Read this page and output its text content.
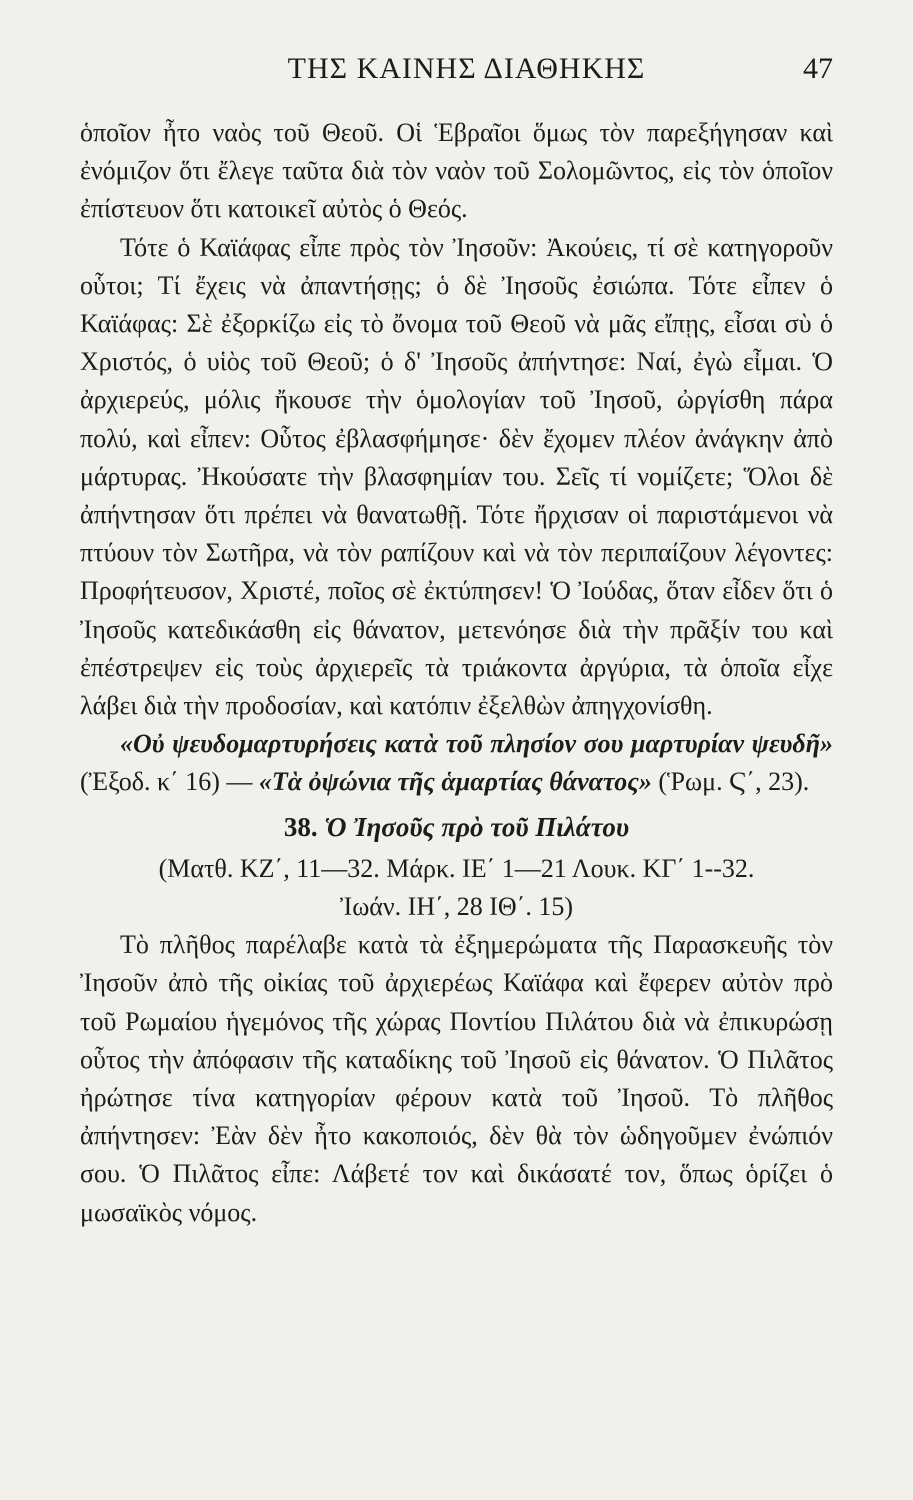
ΤΗΣ ΚΑΙΝΗΣ ΔΙΑΘΗΚΗΣ	47

ὁποῖον ἦτο ναὸς τοῦ Θεοῦ. Οἱ Ἑβραῖοι ὅμως τὸν παρεξήγησαν καὶ ἐνόμιζον ὅτι ἔλεγε ταῦτα διὰ τὸν ναὸν τοῦ Σολομῶντος, εἰς τὸν ὁποῖον ἐπίστευον ὅτι κατοικεῖ αὐτὸς ὁ Θεός.

Τότε ὁ Καϊάφας εἶπε πρὸς τὸν Ἰησοῦν: Ἀκούεις, τί σὲ κατηγοροῦν οὗτοι; Τί ἔχεις νὰ ἀπαντήσῃς; ὁ δὲ Ἰησοῦς ἐσιώπα. Τότε εἶπεν ὁ Καϊάφας: Σὲ ἐξορκίζω εἰς τὸ ὄνομα τοῦ Θεοῦ νὰ μᾶς εἴπῃς, εἶσαι σὺ ὁ Χριστός, ὁ υἱὸς τοῦ Θεοῦ; ὁ δ' Ἰησοῦς ἀπήντησε: Ναί, ἐγὼ εἶμαι. Ὁ ἀρχιερεύς, μόλις ἤκουσε τὴν ὁμολογίαν τοῦ Ἰησοῦ, ὠργίσθη πάρα πολύ, καὶ εἶπεν: Οὗτος ἐβλασφήμησε· δὲν ἔχομεν πλέον ἀνάγκην ἀπὸ μάρτυρας. Ἠκούσατε τὴν βλασφημίαν του. Σεῖς τί νομίζετε; Ὅλοι δὲ ἀπήντησαν ὅτι πρέπει νὰ θανατωθῇ. Τότε ἤρχισαν οἱ παριστάμενοι νὰ πτύουν τὸν Σωτῆρα, νὰ τὸν ραπίζουν καὶ νὰ τὸν περιπαίζουν λέγοντες: Προφήτευσον, Χριστέ, ποῖος σὲ ἐκτύπησεν! Ὁ Ἰούδας, ὅταν εἶδεν ὅτι ὁ Ἰησοῦς κατεδικάσθη εἰς θάνατον, μετενόησε διὰ τὴν πρᾶξίν του καὶ ἐπέστρεψεν εἰς τοὺς ἀρχιερεῖς τὰ τριάκοντα ἀργύρια, τὰ ὁποῖα εἶχε λάβει διὰ τὴν προδοσίαν, καὶ κατόπιν ἐξελθὼν ἀπηγχονίσθη.

«Οὐ ψευδομαρτυρήσεις κατὰ τοῦ πλησίον σου μαρτυρίαν ψευδῆ» (Ἐξοδ. κ΄ 16) — «Τὰ ὀψώνια τῆς ἁμαρτίας θάνατος» (Ῥωμ. Ϛ΄, 23).

38. Ὁ Ἰησοῦς πρὸ τοῦ Πιλάτου

(Ματθ. ΚΖ΄, 11—32. Μάρκ. ΙΕ΄ 1—21 Λουκ. ΚΓ΄ 1--32.

Ἰωάν. ΙΗ΄, 28 ΙΘ΄. 15)

Τὸ πλῆθος παρέλαβε κατὰ τὰ ἐξημερώματα τῆς Παρασκευῆς τὸν Ἰησοῦν ἀπὸ τῆς οἰκίας τοῦ ἀρχιερέως Καϊάφα καὶ ἔφερεν αὐτὸν πρὸ τοῦ Ρωμαίου ἡγεμόνος τῆς χώρας Ποντίου Πιλάτου διὰ νὰ ἐπικυρώσῃ οὗτος τὴν ἀπόφασιν τῆς καταδίκης τοῦ Ἰησοῦ εἰς θάνατον. Ὁ Πιλᾶτος ἠρώτησε τίνα κατηγορίαν φέρουν κατὰ τοῦ Ἰησοῦ. Τὸ πλῆθος ἀπήντησεν: Ἐὰν δὲν ἦτο κακοποιός, δὲν θὰ τὸν ὡδηγοῦμεν ἐνώπιόν σου. Ὁ Πιλᾶτος εἶπε: Λάβετέ τον καὶ δικάσατέ τον, ὅπως ὁρίζει ὁ μωσαϊκὸς νόμος.
